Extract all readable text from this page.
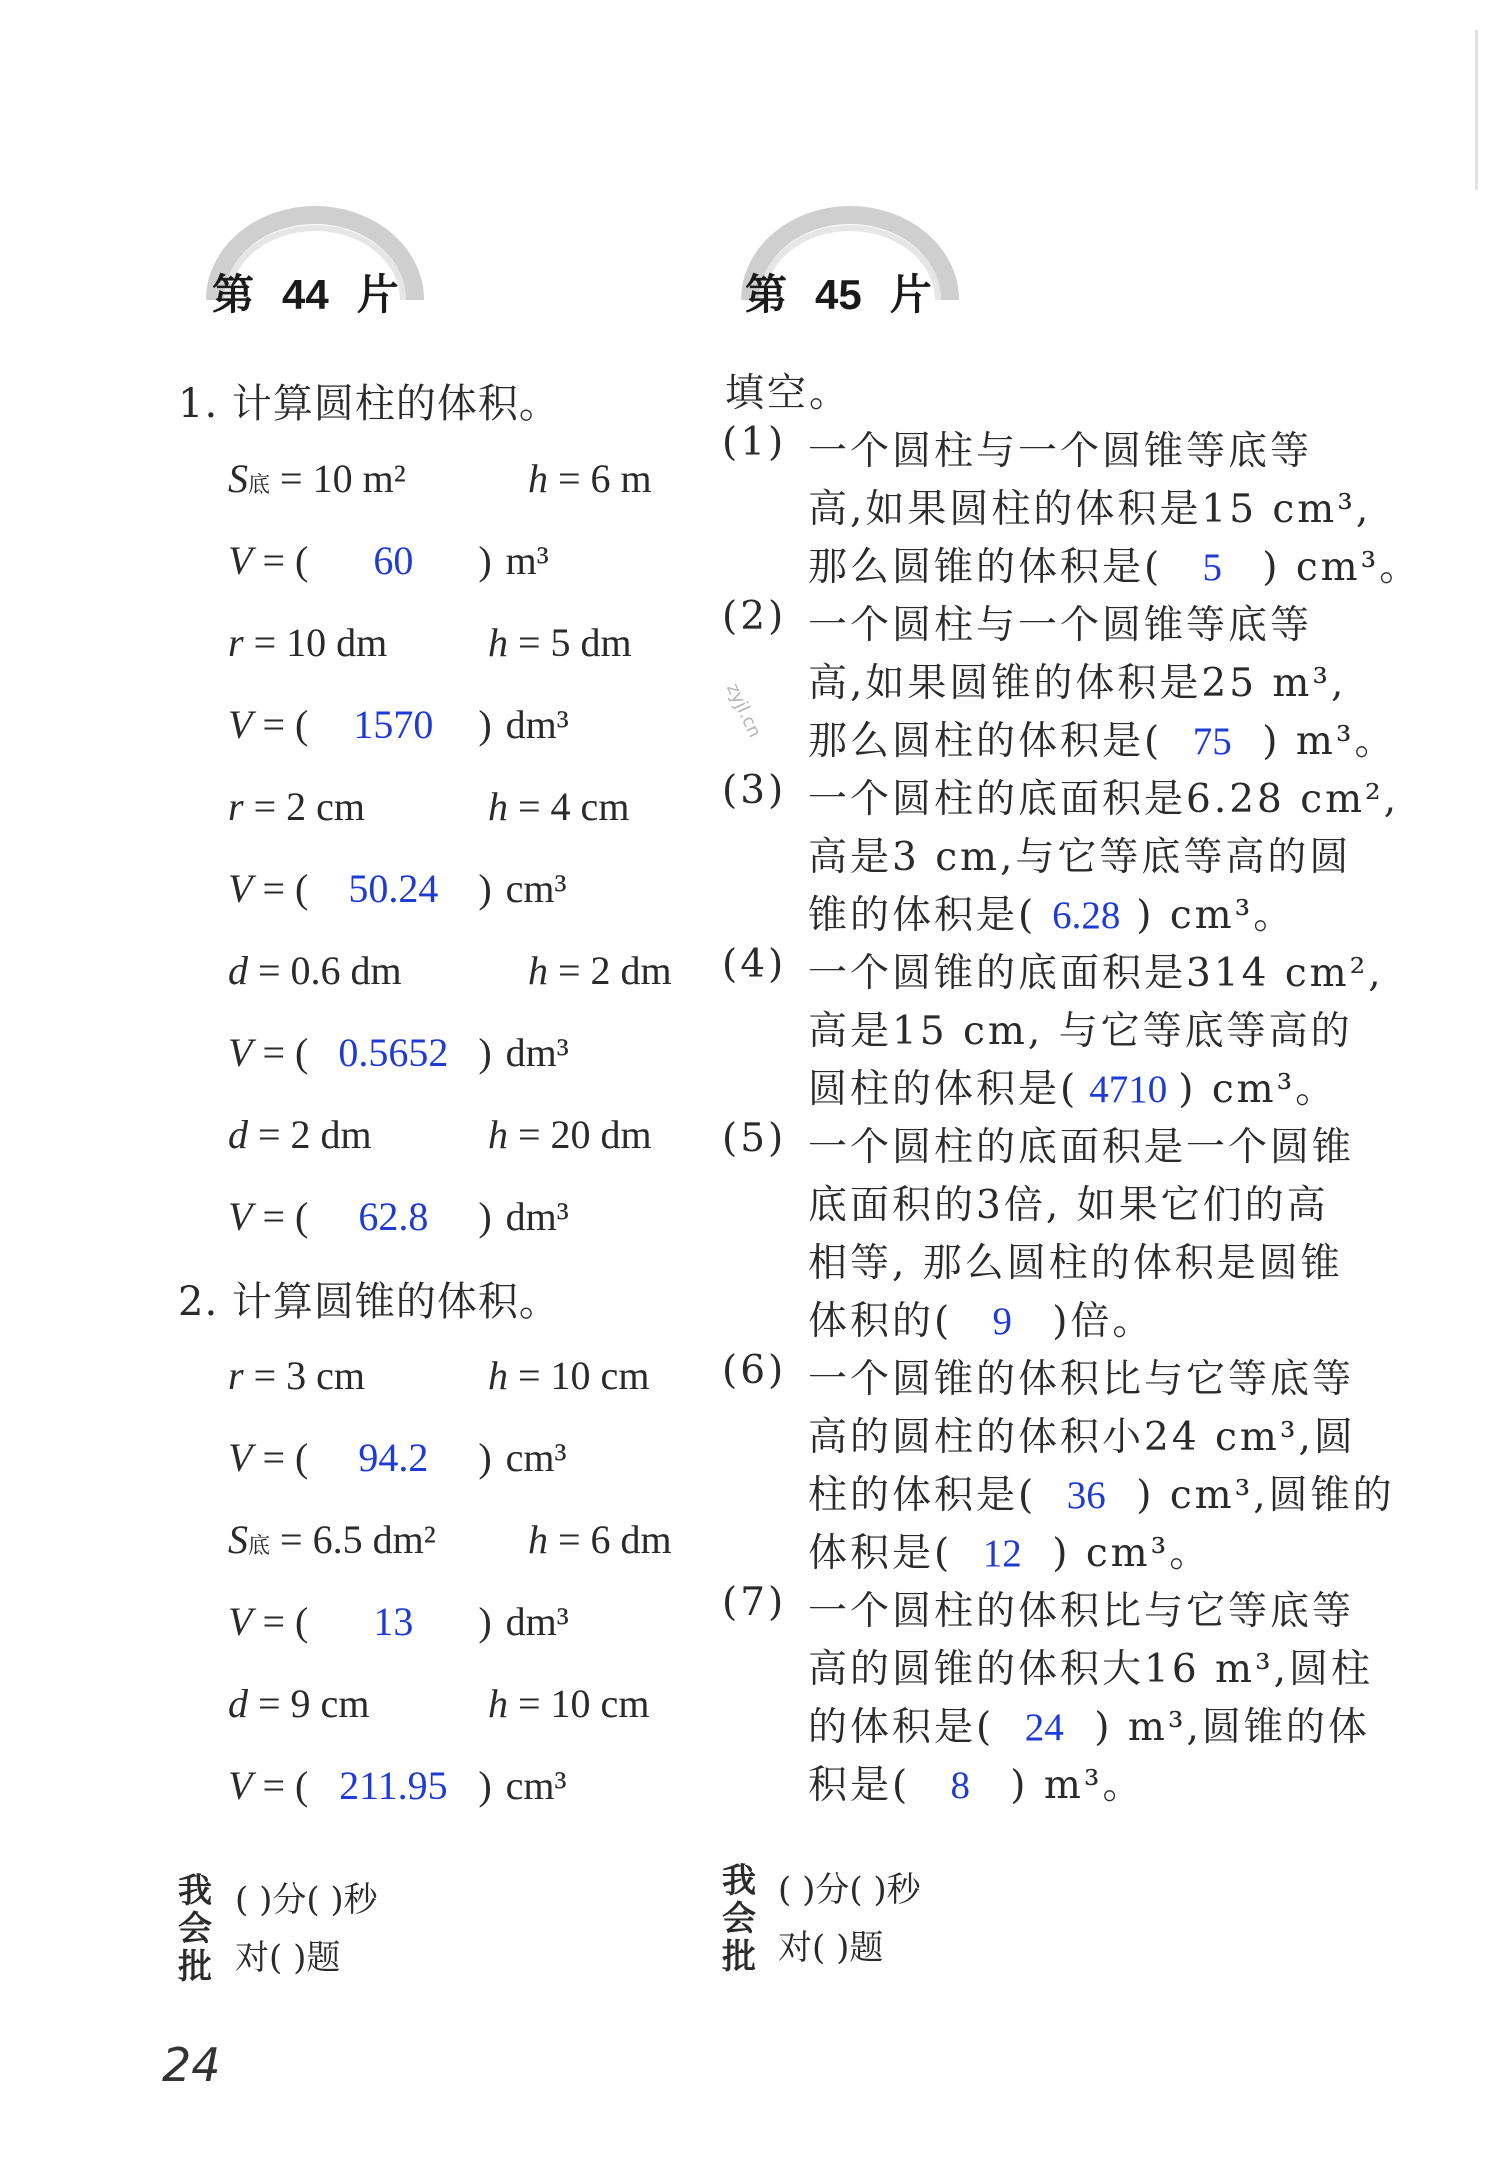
第 44 片	第 45 片
zyjl.cn
1. 计算圆柱的体积。
S底 = 10 m²	h = 6 m
V = ( 60 ) m³
r = 10 dm	h = 5 dm
V = ( 1570 ) dm³
r = 2 cm	h = 4 cm
V = ( 50.24 ) cm³
d = 0.6 dm	h = 2 dm
V = ( 0.5652 ) dm³
d = 2 dm	h = 20 dm
V = ( 62.8 ) dm³
2. 计算圆锥的体积。
r = 3 cm	h = 10 cm
V = ( 94.2 ) cm³
S底 = 6.5 dm² h = 6 dm
V = ( 13 ) dm³
d = 9 cm	h = 10 cm
V = ( 211.95 ) cm³
填空。
(1) 一个圆柱与一个圆锥等底等
高,如果圆柱的体积是15 cm³,
那么圆锥的体积是( 5 ) cm³。
(2) 一个圆柱与一个圆锥等底等
高,如果圆锥的体积是25 m³,
那么圆柱的体积是( 75 ) m³。
(3) 一个圆柱的底面积是6.28 cm²,
高是3 cm,与它等底等高的圆
锥的体积是( 6.28 ) cm³。
(4) 一个圆锥的底面积是314 cm²,
高是15 cm, 与它等底等高的
圆柱的体积是( 4710 ) cm³。
(5) 一个圆柱的底面积是一个圆锥
底面积的3倍, 如果它们的高
相等, 那么圆柱的体积是圆锥
体积的( 9 )倍。
(6) 一个圆锥的体积比与它等底等
高的圆柱的体积小24 cm³,圆
柱的体积是( 36 ) cm³,圆锥的
体积是( 12 ) cm³。
(7) 一个圆柱的体积比与它等底等
高的圆锥的体积大16 m³,圆柱
的体积是( 24 ) m³,圆锥的体
积是( 8 ) m³。
我
会
批
( )分( )秒
对( )题
我
会
批
( )分( )秒
对( )题
24
